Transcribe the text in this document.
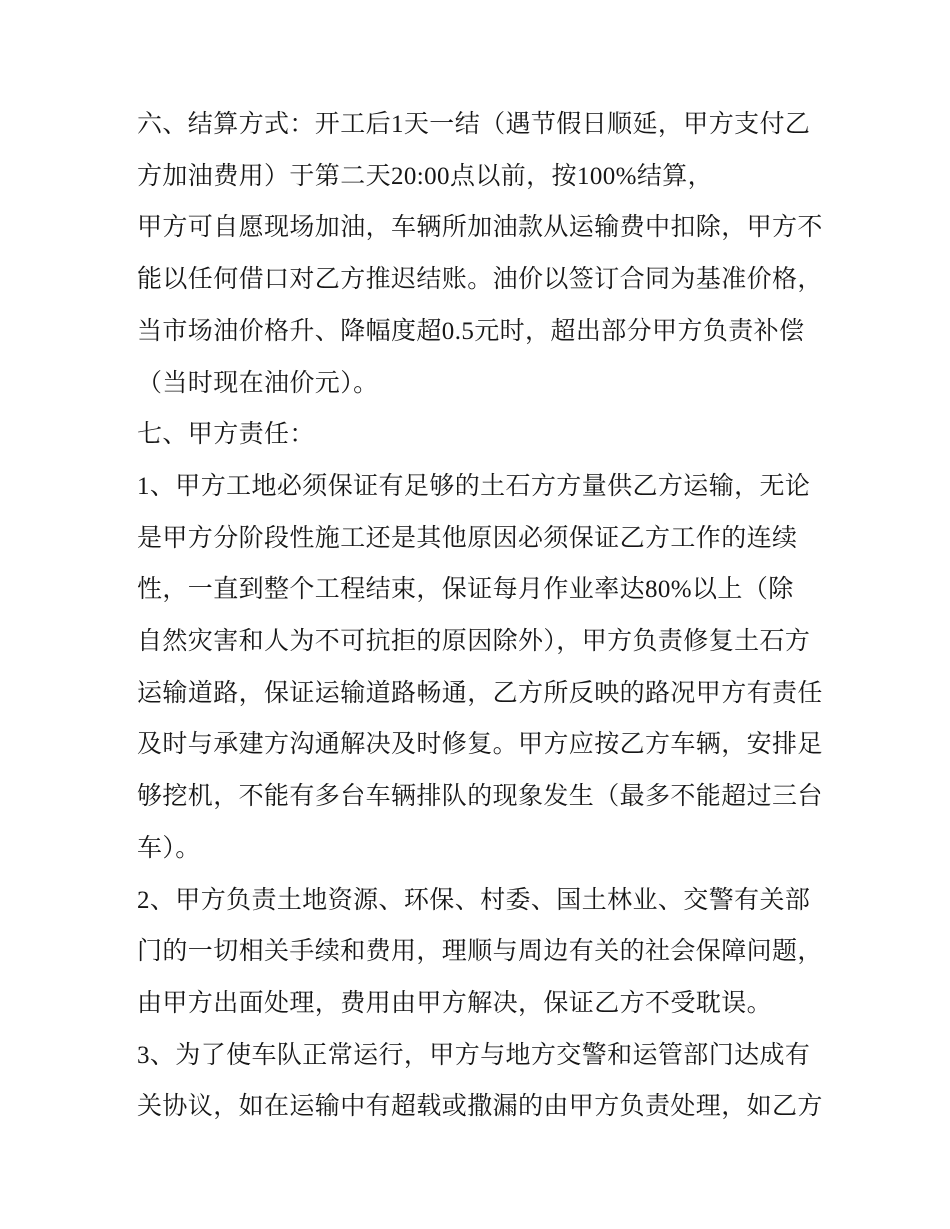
六、结算方式：开工后1天一结（遇节假日顺延，甲方支付乙

方加油费用）于第二天20:00点以前，按100%结算，

甲方可自愿现场加油，车辆所加油款从运输费中扣除，甲方不

能以任何借口对乙方推迟结账。油价以签订合同为基准价格，

当市场油价格升、降幅度超0.5元时，超出部分甲方负责补偿

（当时现在油价元）。

七、甲方责任：

1、甲方工地必须保证有足够的土石方方量供乙方运输，无论

是甲方分阶段性施工还是其他原因必须保证乙方工作的连续

性，一直到整个工程结束，保证每月作业率达80%以上（除

自然灾害和人为不可抗拒的原因除外），甲方负责修复土石方

运输道路，保证运输道路畅通，乙方所反映的路况甲方有责任

及时与承建方沟通解决及时修复。甲方应按乙方车辆，安排足

够挖机，不能有多台车辆排队的现象发生（最多不能超过三台

车）。

2、甲方负责土地资源、环保、村委、国土林业、交警有关部

门的一切相关手续和费用，理顺与周边有关的社会保障问题，

由甲方出面处理，费用由甲方解决，保证乙方不受耽误。

3、为了使车队正常运行，甲方与地方交警和运管部门达成有

关协议，如在运输中有超载或撒漏的由甲方负责处理，如乙方
